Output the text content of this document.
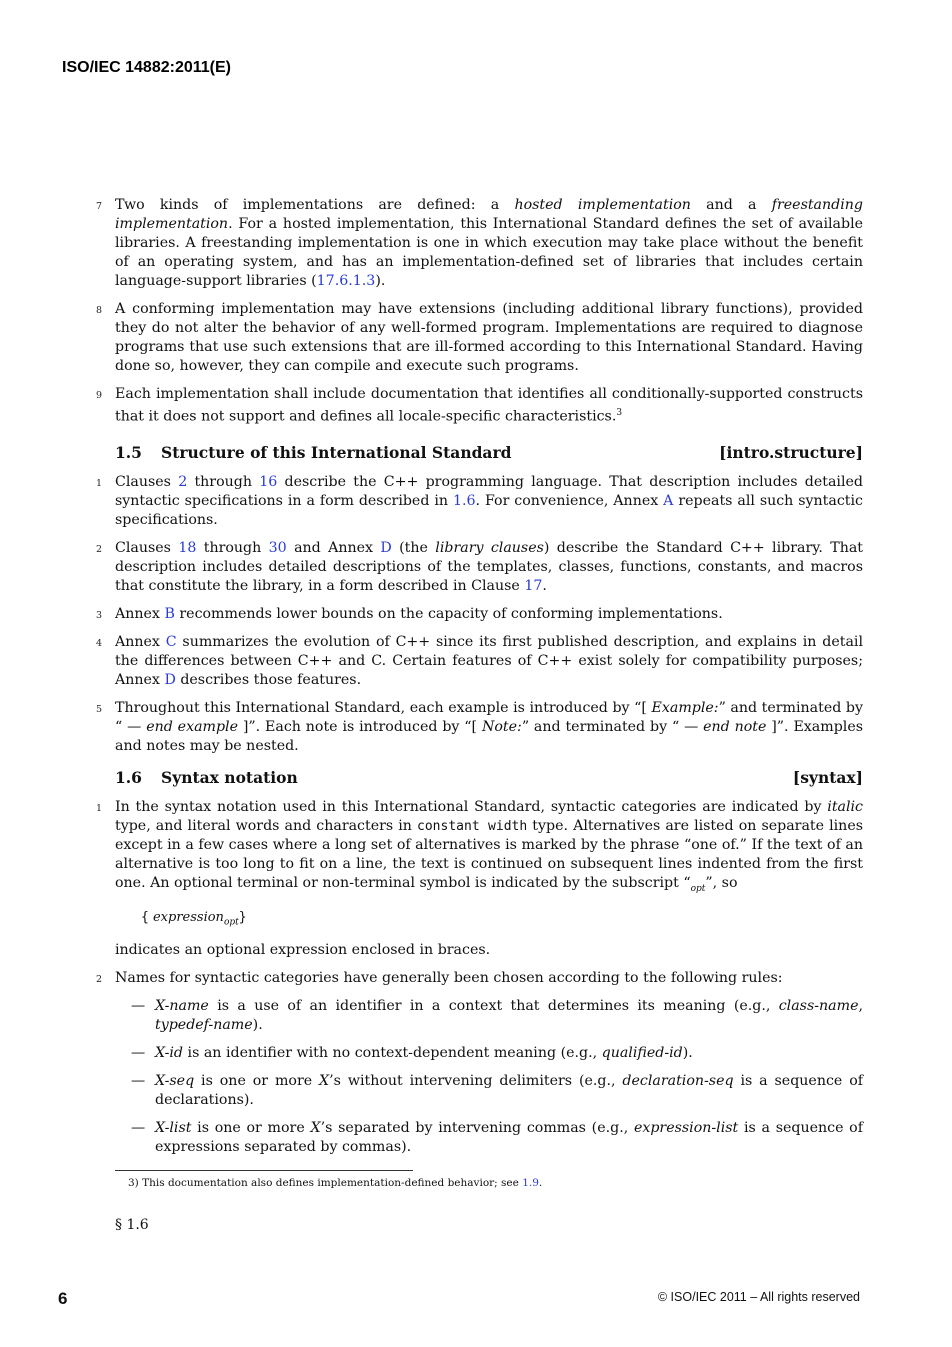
ISO/IEC 14882:2011(E)
7 Two kinds of implementations are defined: a hosted implementation and a freestanding implementation. For a hosted implementation, this International Standard defines the set of available libraries. A freestanding implementation is one in which execution may take place without the benefit of an operating system, and has an implementation-defined set of libraries that includes certain language-support libraries (17.6.1.3).
8 A conforming implementation may have extensions (including additional library functions), provided they do not alter the behavior of any well-formed program. Implementations are required to diagnose programs that use such extensions that are ill-formed according to this International Standard. Having done so, however, they can compile and execute such programs.
9 Each implementation shall include documentation that identifies all conditionally-supported constructs that it does not support and defines all locale-specific characteristics.$^3$
1.5 Structure of this International Standard	[intro.structure]
1 Clauses 2 through 16 describe the C++ programming language. That description includes detailed syntactic specifications in a form described in 1.6. For convenience, Annex A repeats all such syntactic specifications.
2 Clauses 18 through 30 and Annex D (the library clauses) describe the Standard C++ library. That description includes detailed descriptions of the templates, classes, functions, constants, and macros that constitute the library, in a form described in Clause 17.
3 Annex B recommends lower bounds on the capacity of conforming implementations.
4 Annex C summarizes the evolution of C++ since its first published description, and explains in detail the differences between C++ and C. Certain features of C++ exist solely for compatibility purposes; Annex D describes those features.
5 Throughout this International Standard, each example is introduced by “[ Example:” and terminated by “ — end example ]”. Each note is introduced by “[ Note:” and terminated by “ — end note ]”. Examples and notes may be nested.
1.6 Syntax notation	[syntax]
1 In the syntax notation used in this International Standard, syntactic categories are indicated by italic type, and literal words and characters in constant width type. Alternatives are listed on separate lines except in a few cases where a long set of alternatives is marked by the phrase “one of.” If the text of an alternative is too long to fit on a line, the text is continued on subsequent lines indented from the first one. An optional terminal or non-terminal symbol is indicated by the subscript “$_{opt}$”, so
{ expression$_{opt}$}
indicates an optional expression enclosed in braces.
2 Names for syntactic categories have generally been chosen according to the following rules:
— X-name is a use of an identifier in a context that determines its meaning (e.g., class-name, typedef-name).
— X-id is an identifier with no context-dependent meaning (e.g., qualified-id).
— X-seq is one or more X’s without intervening delimiters (e.g., declaration-seq is a sequence of declarations).
— X-list is one or more X’s separated by intervening commas (e.g., expression-list is a sequence of expressions separated by commas).
3) This documentation also defines implementation-defined behavior; see 1.9.
§ 1.6
6	© ISO/IEC 2011 – All rights reserved
